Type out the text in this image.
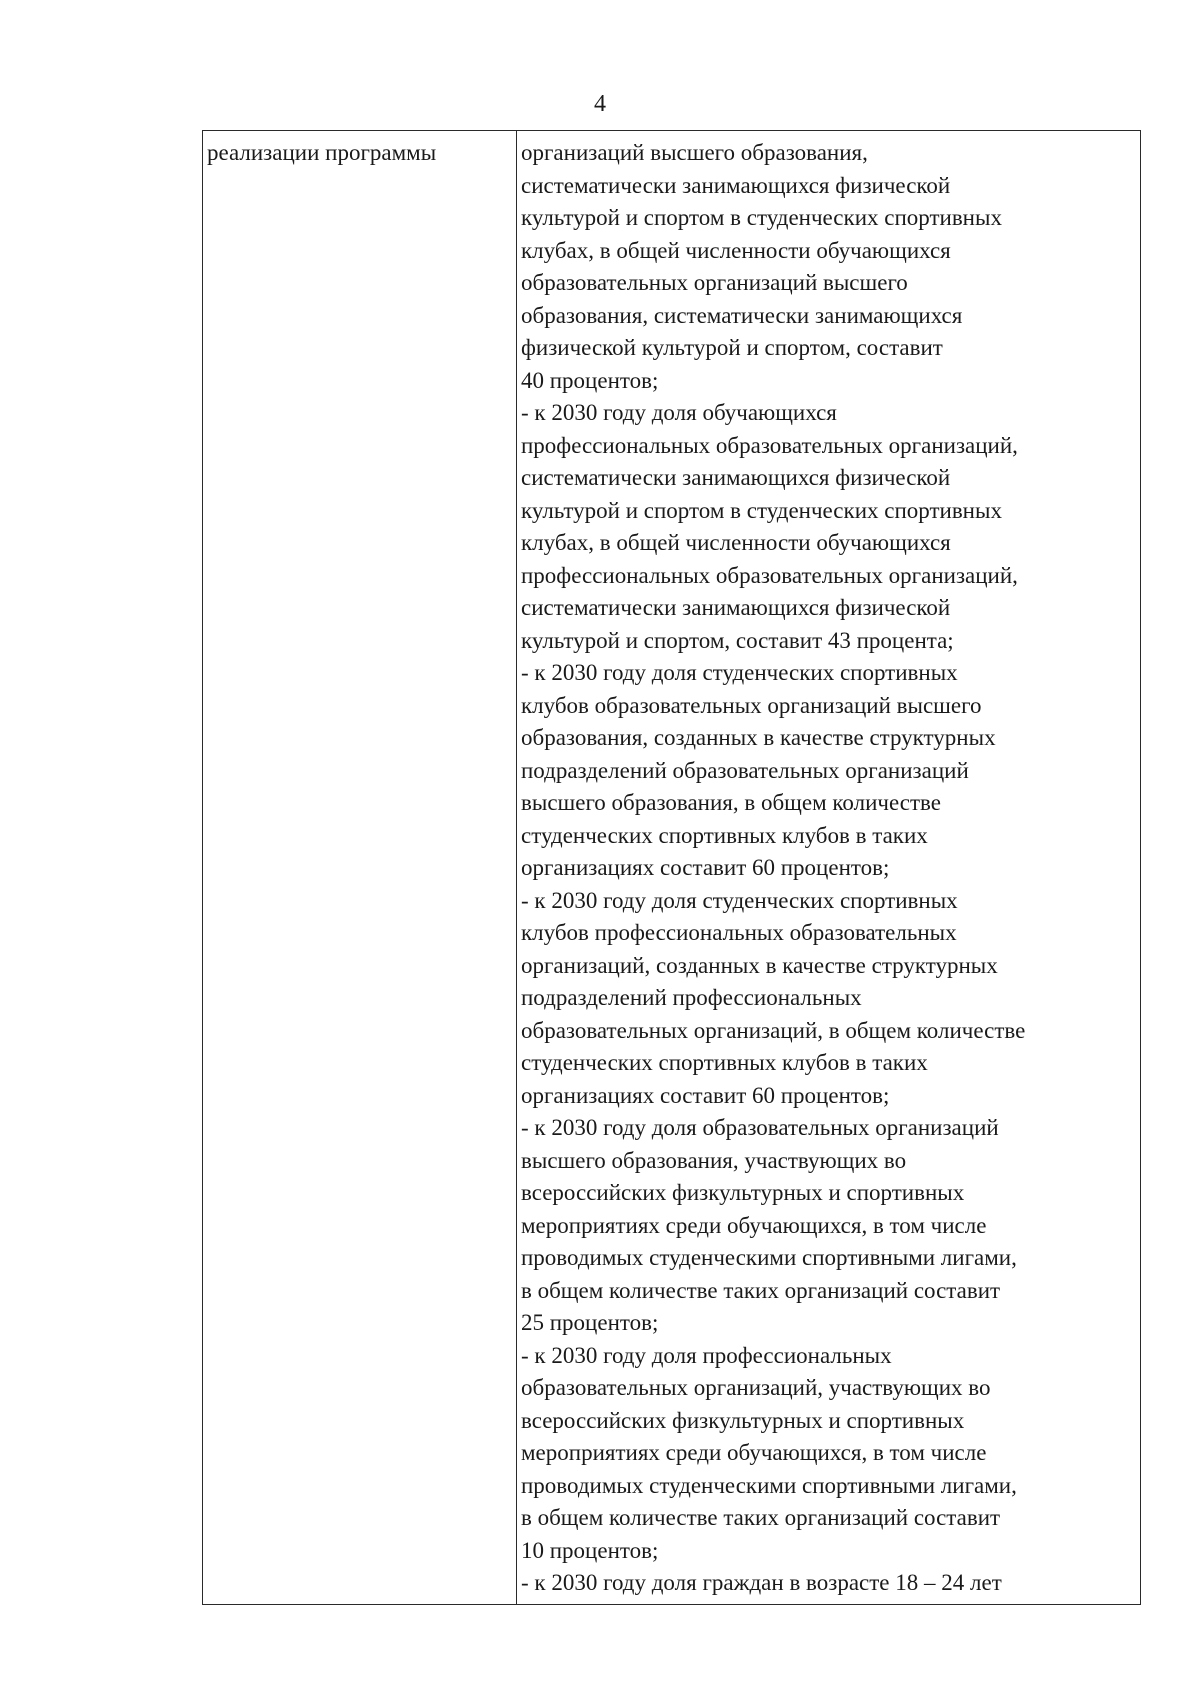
4
реализации программы	организаций высшего образования,
систематически занимающихся физической
культурой и спортом в студенческих спортивных
клубах, в общей численности обучающихся
образовательных организаций высшего
образования, систематически занимающихся
физической культурой и спортом, составит
40 процентов;
- к 2030 году доля обучающихся
профессиональных образовательных организаций,
систематически занимающихся физической
культурой и спортом в студенческих спортивных
клубах, в общей численности обучающихся
профессиональных образовательных организаций,
систематически занимающихся физической
культурой и спортом, составит 43 процента;
- к 2030 году доля студенческих спортивных
клубов образовательных организаций высшего
образования, созданных в качестве структурных
подразделений образовательных организаций
высшего образования, в общем количестве
студенческих спортивных клубов в таких
организациях составит 60 процентов;
- к 2030 году доля студенческих спортивных
клубов профессиональных образовательных
организаций, созданных в качестве структурных
подразделений профессиональных
образовательных организаций, в общем количестве
студенческих спортивных клубов в таких
организациях составит 60 процентов;
- к 2030 году доля образовательных организаций
высшего образования, участвующих во
всероссийских физкультурных и спортивных
мероприятиях среди обучающихся, в том числе
проводимых студенческими спортивными лигами,
в общем количестве таких организаций составит
25 процентов;
- к 2030 году доля профессиональных
образовательных организаций, участвующих во
всероссийских физкультурных и спортивных
мероприятиях среди обучающихся, в том числе
проводимых студенческими спортивными лигами,
в общем количестве таких организаций составит
10 процентов;
- к 2030 году доля граждан в возрасте 18 – 24 лет
